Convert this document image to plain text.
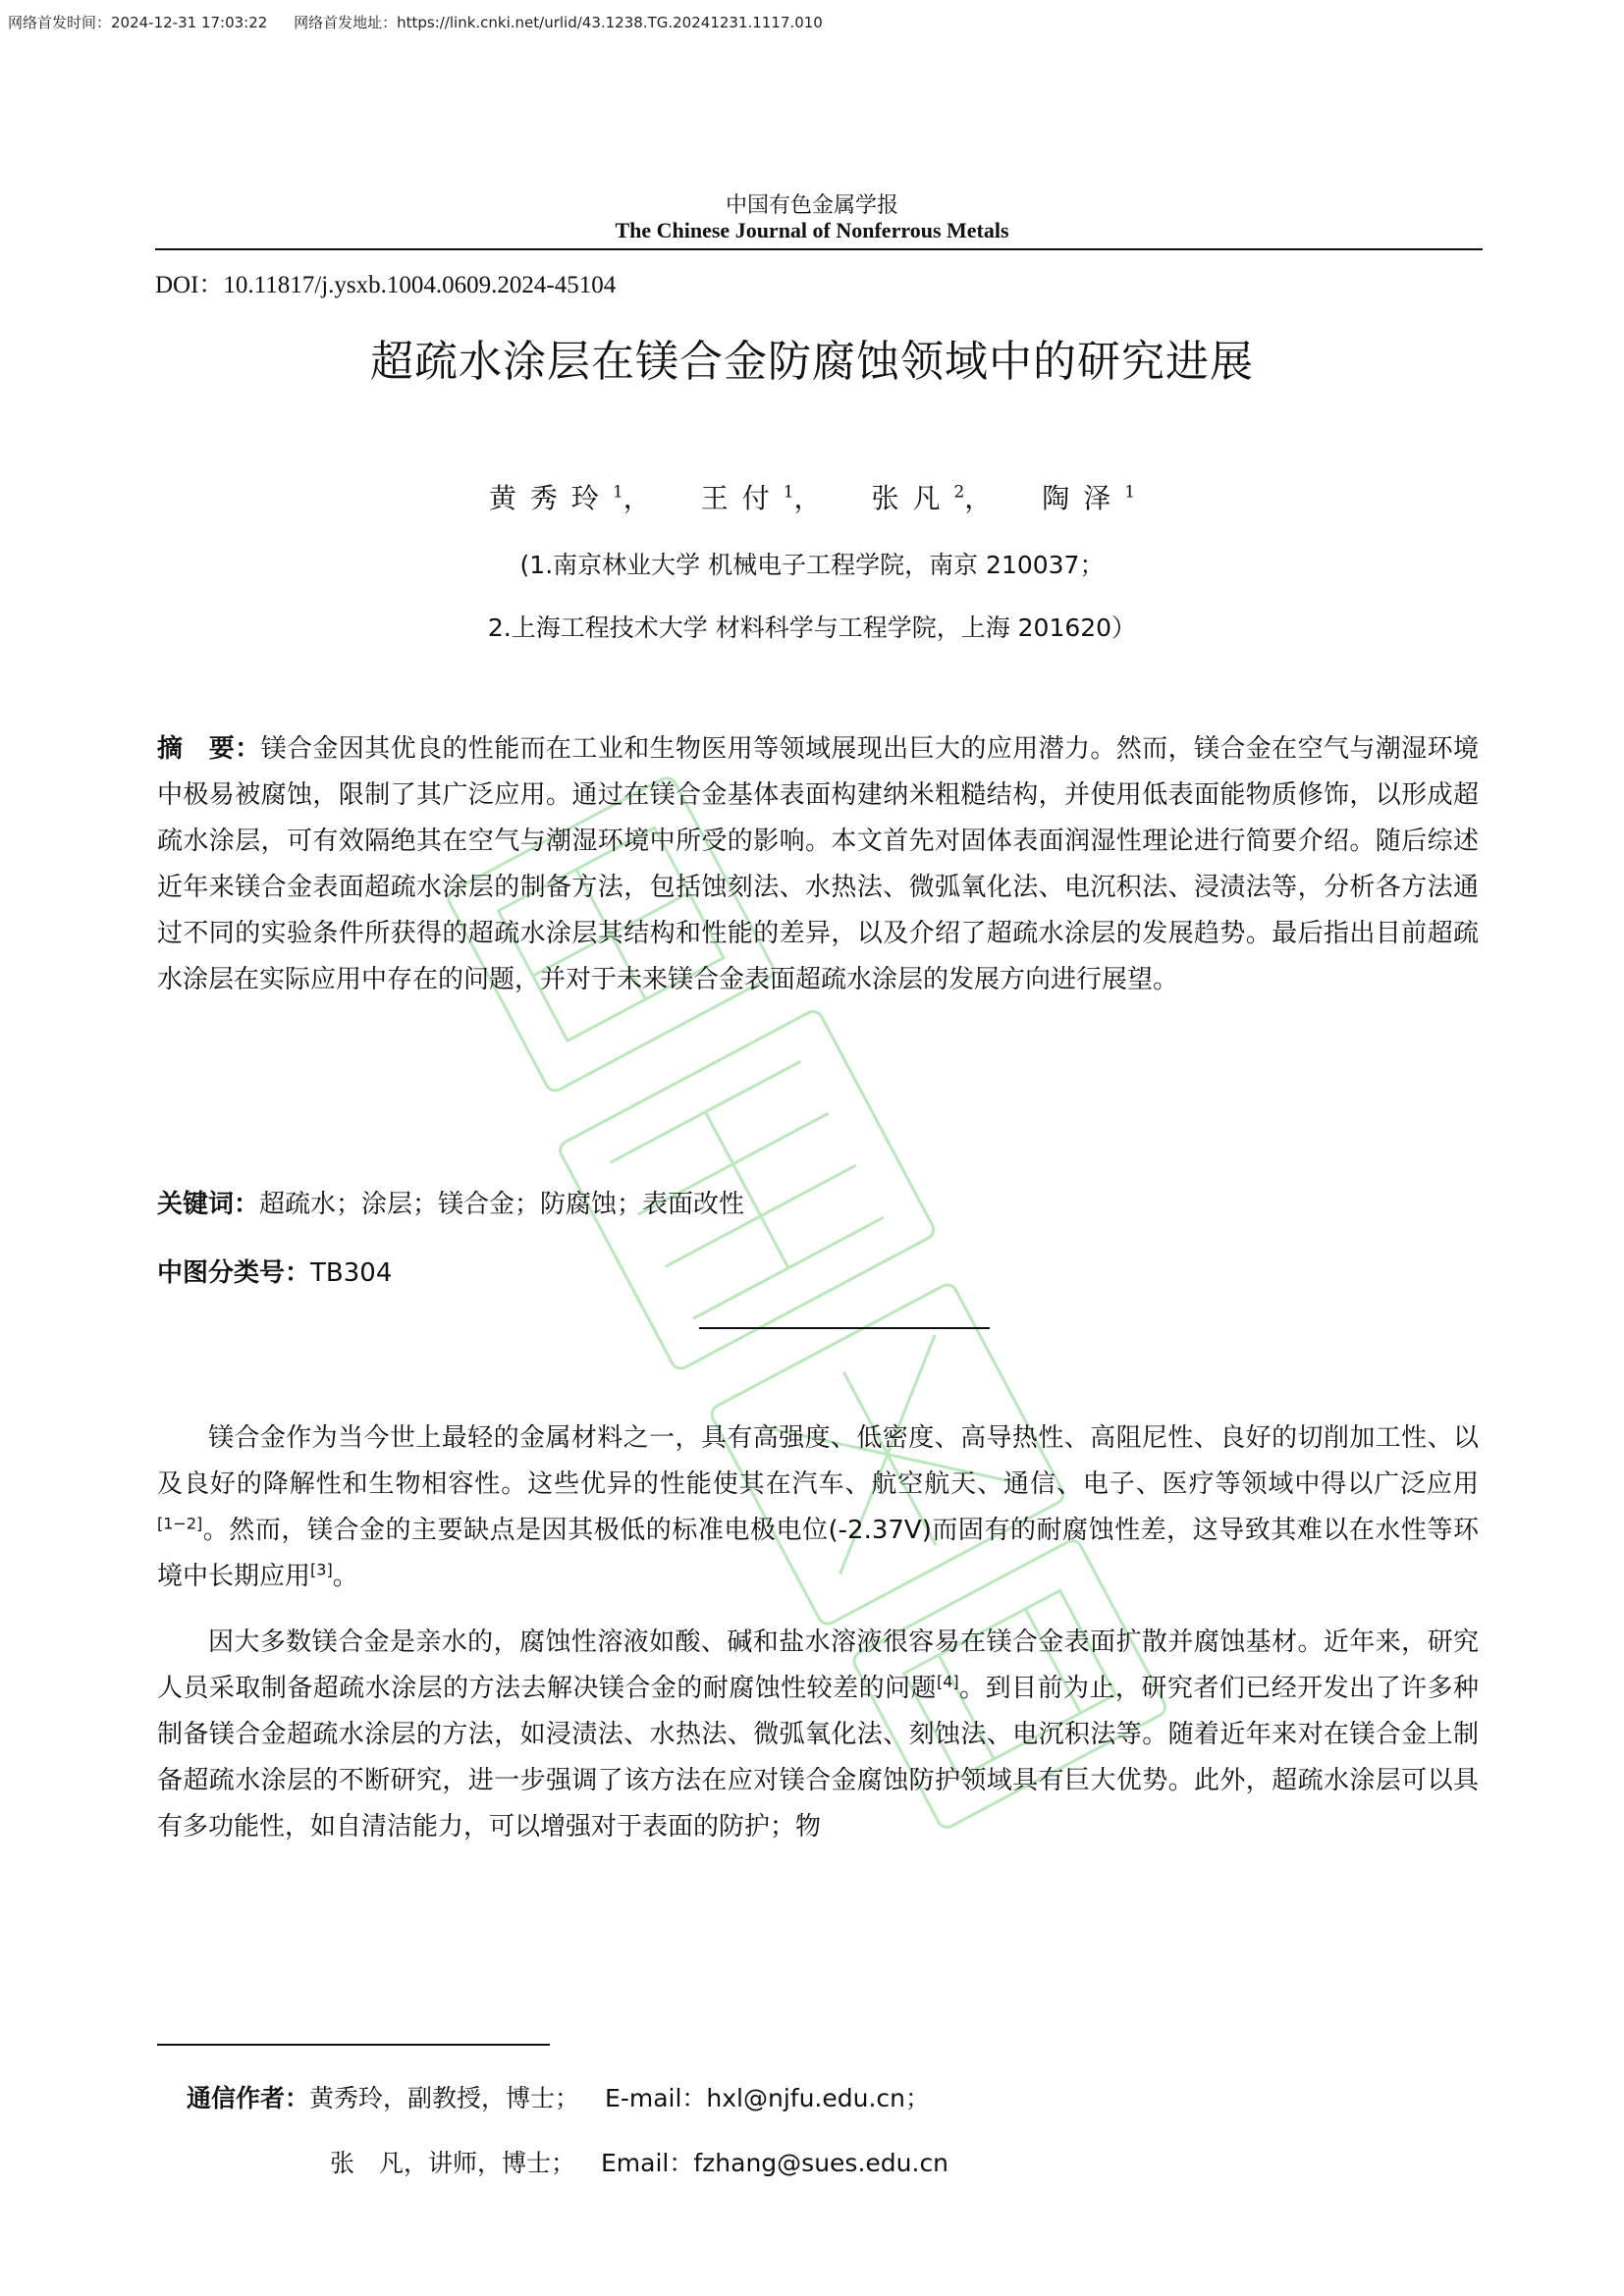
网络首发时间：2024-12-31 17:03:22 网络首发地址：https://link.cnki.net/urlid/43.1238.TG.20241231.1117.010
中国有色金属学报
The Chinese Journal of Nonferrous Metals
DOI：10.11817/j.ysxb.1004.0609.2024-45104
超疏水涂层在镁合金防腐蚀领域中的研究进展
黄秀玲$^1$， 王付$^1$， 张凡$^2$， 陶泽$^1$
(1.南京林业大学 机械电子工程学院，南京 210037；
2.上海工程技术大学 材料科学与工程学院，上海 201620）

摘　要：镁合金因其优良的性能而在工业和生物医用等领域展现出巨大的应用潜力。然而，镁合金在空气与潮湿环境中极易被腐蚀，限制了其广泛应用。通过在镁合金基体表面构建纳米粗糙结构，并使用低表面能物质修饰，以形成超疏水涂层，可有效隔绝其在空气与潮湿环境中所受的影响。本文首先对固体表面润湿性理论进行简要介绍。随后综述近年来镁合金表面超疏水涂层的制备方法，包括蚀刻法、水热法、微弧氧化法、电沉积法、浸渍法等，分析各方法通过不同的实验条件所获得的超疏水涂层其结构和性能的差异，以及介绍了超疏水涂层的发展趋势。最后指出目前超疏水涂层在实际应用中存在的问题，并对于未来镁合金表面超疏水涂层的发展方向进行展望。

关键词：超疏水；涂层；镁合金；防腐蚀；表面改性
中图分类号：TB304

镁合金作为当今世上最轻的金属材料之一，具有高强度、低密度、高导热性、高阻尼性、良好的切削加工性、以及良好的降解性和生物相容性。这些优异的性能使其在汽车、航空航天、通信、电子、医疗等领域中得以广泛应用[1−2]。然而，镁合金的主要缺点是因其极低的标准电极电位(-2.37V)而固有的耐腐蚀性差，这导致其难以在水性等环境中长期应用[3]。

因大多数镁合金是亲水的，腐蚀性溶液如酸、碱和盐水溶液很容易在镁合金表面扩散并腐蚀基材。近年来，研究人员采取制备超疏水涂层的方法去解决镁合金的耐腐蚀性较差的问题[4]。到目前为止，研究者们已经开发出了许多种制备镁合金超疏水涂层的方法，如浸渍法、水热法、微弧氧化法、刻蚀法、电沉积法等。随着近年来对在镁合金上制备超疏水涂层的不断研究，进一步强调了该方法在应对镁合金腐蚀防护领域具有巨大优势。此外，超疏水涂层可以具有多功能性，如自清洁能力，可以增强对于表面的防护；物

通信作者：黄秀玲，副教授，博士； E-mail：hxl@njfu.edu.cn；
张　凡，讲师，博士； Email：fzhang@sues.edu.cn
